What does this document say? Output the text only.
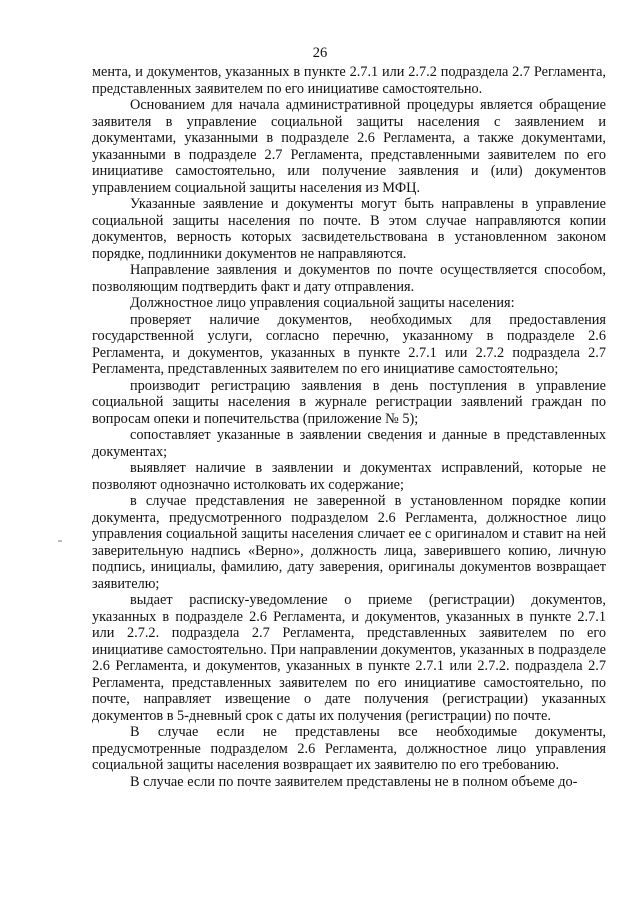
26

мента, и документов, указанных в пункте 2.7.1 или 2.7.2 подраздела 2.7 Регламента, представленных заявителем по его инициативе самостоятельно.

Основанием для начала административной процедуры является обращение заявителя в управление социальной защиты населения с заявлением и документами, указанными в подразделе 2.6 Регламента, а также документами, указанными в подразделе 2.7 Регламента, представленными заявителем по его инициативе самостоятельно, или получение заявления и (или) документов управлением социальной защиты населения из МФЦ.

Указанные заявление и документы могут быть направлены в управление социальной защиты населения по почте. В этом случае направляются копии документов, верность которых засвидетельствована в установленном законом порядке, подлинники документов не направляются.

Направление заявления и документов по почте осуществляется способом, позволяющим подтвердить факт и дату отправления.

Должностное лицо управления социальной защиты населения:

проверяет наличие документов, необходимых для предоставления государственной услуги, согласно перечню, указанному в подразделе 2.6 Регламента, и документов, указанных в пункте 2.7.1 или 2.7.2 подраздела 2.7 Регламента, представленных заявителем по его инициативе самостоятельно;

производит регистрацию заявления в день поступления в управление социальной защиты населения в журнале регистрации заявлений граждан по вопросам опеки и попечительства (приложение № 5);

сопоставляет указанные в заявлении сведения и данные в представленных документах;

выявляет наличие в заявлении и документах исправлений, которые не позволяют однозначно истолковать их содержание;

в случае представления не заверенной в установленном порядке копии документа, предусмотренного подразделом 2.6 Регламента, должностное лицо управления социальной защиты населения сличает ее с оригиналом и ставит на ней заверительную надпись «Верно», должность лица, заверившего копию, личную подпись, инициалы, фамилию, дату заверения, оригиналы документов возвращает заявителю;

выдает расписку-уведомление о приеме (регистрации) документов, указанных в подразделе 2.6 Регламента, и документов, указанных в пункте 2.7.1 или 2.7.2. подраздела 2.7 Регламента, представленных заявителем по его инициативе самостоятельно. При направлении документов, указанных в подразделе 2.6 Регламента, и документов, указанных в пункте 2.7.1 или 2.7.2. подраздела 2.7 Регламента, представленных заявителем по его инициативе самостоятельно, по почте, направляет извещение о дате получения (регистрации) указанных документов в 5-дневный срок с даты их получения (регистрации) по почте.

В случае если не представлены все необходимые документы, предусмотренные подразделом 2.6 Регламента, должностное лицо управления социальной защиты населения возвращает их заявителю по его требованию.

В случае если по почте заявителем представлены не в полном объеме до-
